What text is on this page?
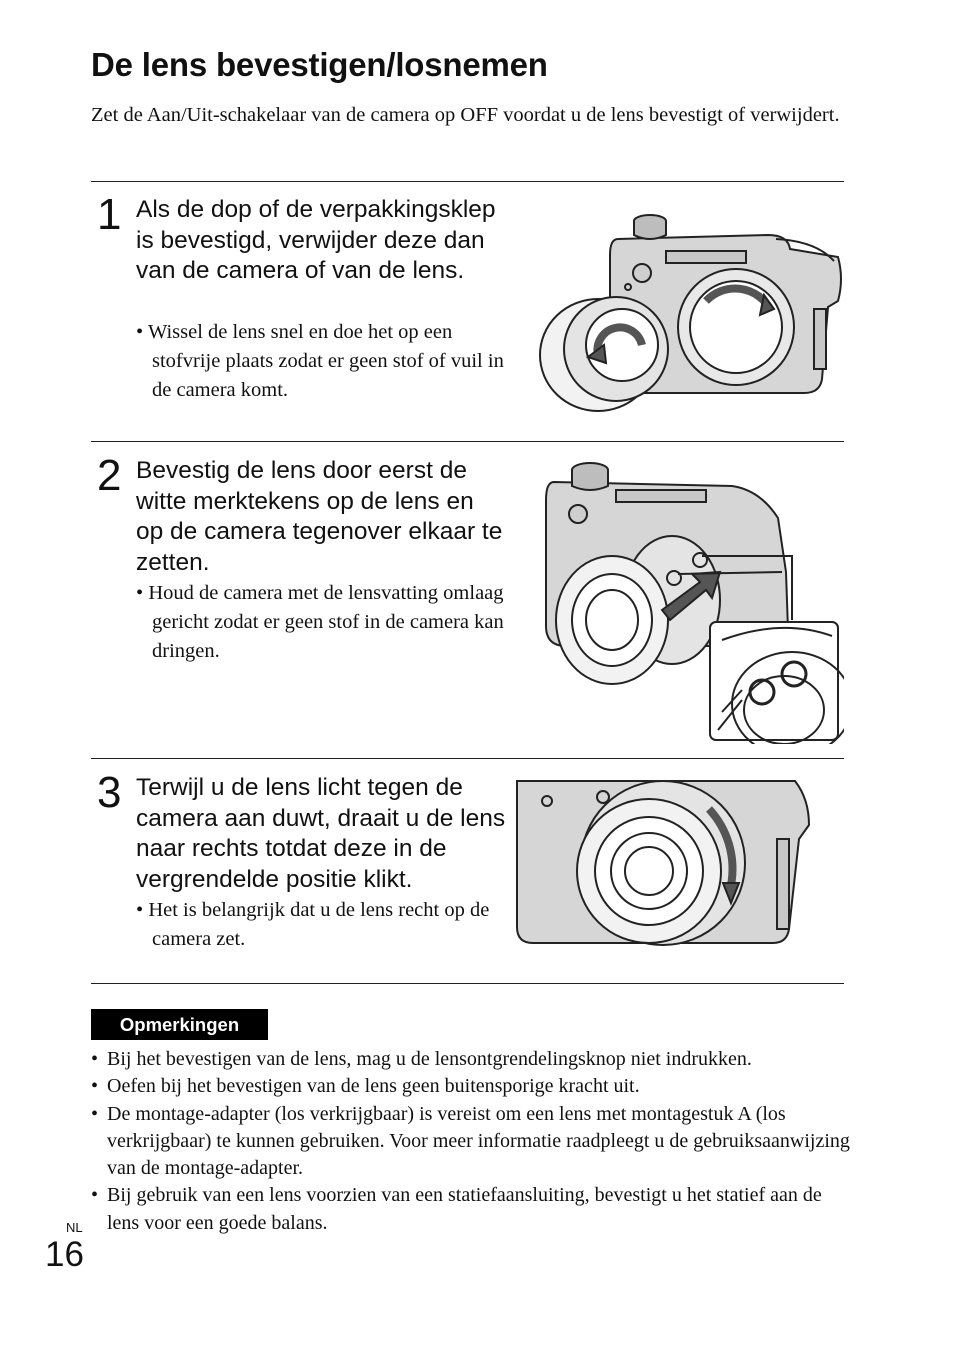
De lens bevestigen/losnemen

Zet de Aan/Uit-schakelaar van de camera op OFF voordat u de lens bevestigt of verwijdert.

1 Als de dop of de verpakkingsklep is bevestigd, verwijder deze dan van de camera of van de lens.

• Wissel de lens snel en doe het op een stofvrije plaats zodat er geen stof of vuil in de camera komt.

2 Bevestig de lens door eerst de witte merktekens op de lens en op de camera tegenover elkaar te zetten.

• Houd de camera met de lensvatting omlaag gericht zodat er geen stof in de camera kan dringen.

3 Terwijl u de lens licht tegen de camera aan duwt, draait u de lens naar rechts totdat deze in de vergrendelde positie klikt.

• Het is belangrijk dat u de lens recht op de camera zet.

Opmerkingen
• Bij het bevestigen van de lens, mag u de lensontgrendelingsknop niet indrukken.
• Oefen bij het bevestigen van de lens geen buitensporige kracht uit.
• De montage-adapter (los verkrijgbaar) is vereist om een lens met montagestuk A (los verkrijgbaar) te kunnen gebruiken. Voor meer informatie raadpleegt u de gebruiksaanwijzing van de montage-adapter.
• Bij gebruik van een lens voorzien van een statiefaansluiting, bevestigt u het statief aan de lens voor een goede balans.
NL
16
